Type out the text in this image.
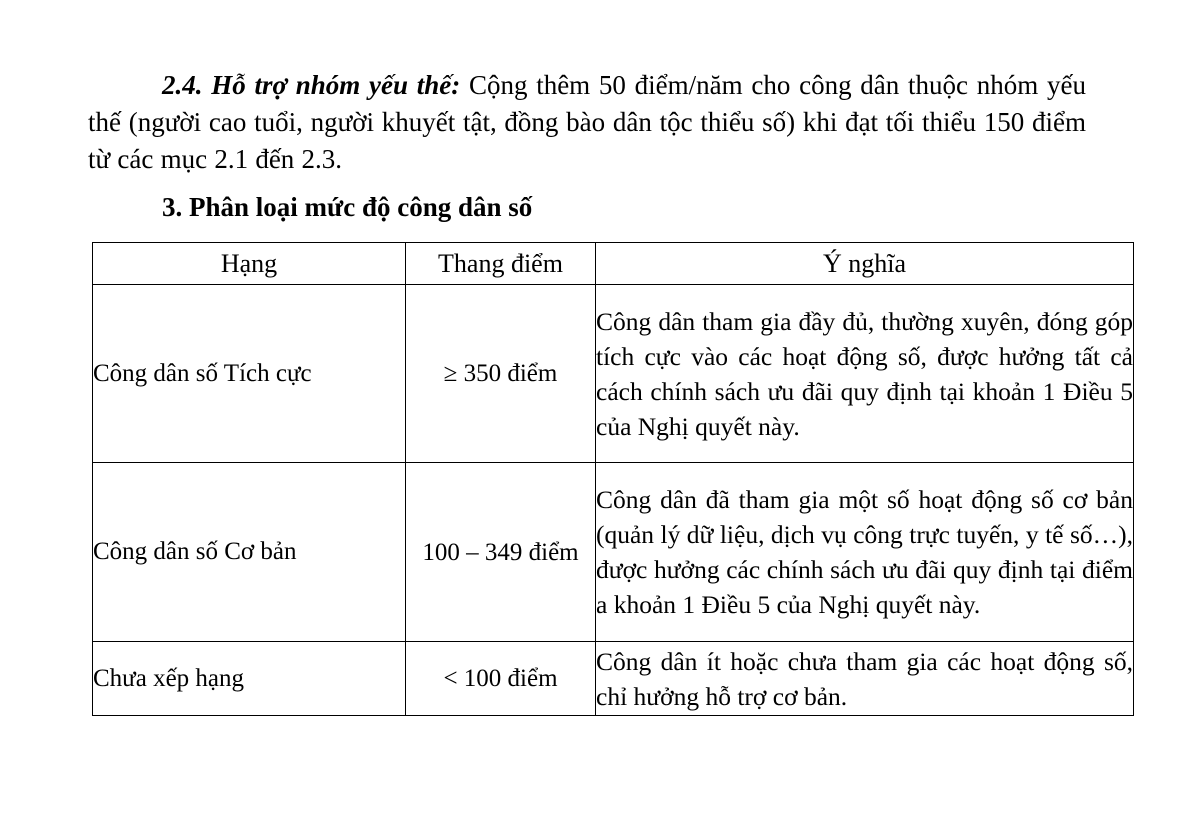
2.4. Hỗ trợ nhóm yếu thế: Cộng thêm 50 điểm/năm cho công dân thuộc nhóm yếu thế (người cao tuổi, người khuyết tật, đồng bào dân tộc thiểu số) khi đạt tối thiểu 150 điểm từ các mục 2.1 đến 2.3.

3. Phân loại mức độ công dân số
Hạng	Thang điểm	Ý nghĩa
Công dân số Tích cực	≥ 350 điểm	Công dân tham gia đầy đủ, thường xuyên, đóng góp tích cực vào các hoạt động số, được hưởng tất cả cách chính sách ưu đãi quy định tại khoản 1 Điều 5 của Nghị quyết này.
Công dân số Cơ bản	100 – 349 điểm	Công dân đã tham gia một số hoạt động số cơ bản (quản lý dữ liệu, dịch vụ công trực tuyến, y tế số…), được hưởng các chính sách ưu đãi quy định tại điểm a khoản 1 Điều 5 của Nghị quyết này.
Chưa xếp hạng	< 100 điểm	Công dân ít hoặc chưa tham gia các hoạt động số, chỉ hưởng hỗ trợ cơ bản.
